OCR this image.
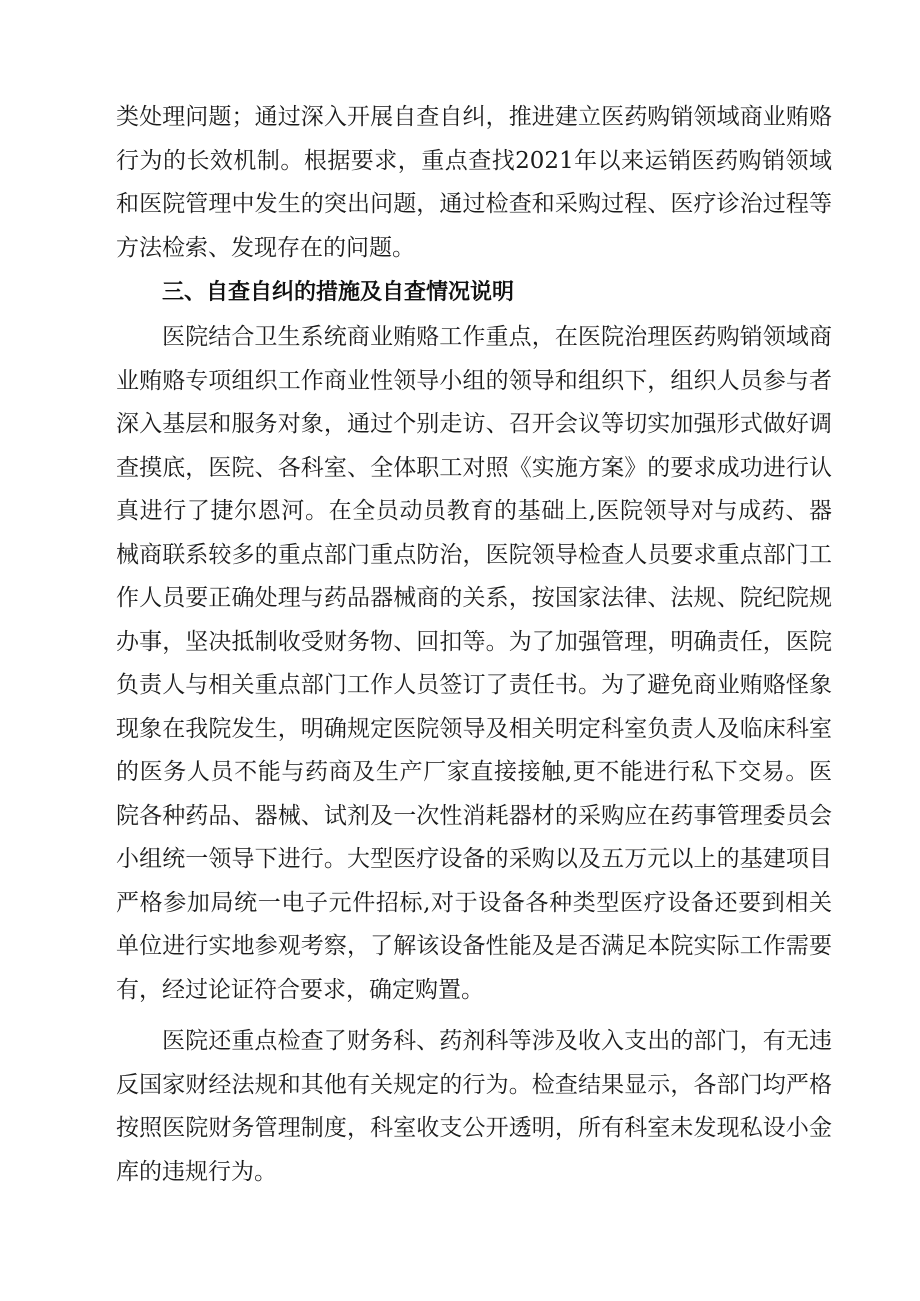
类处理问题；通过深入开展自查自纠，推进建立医药购销领域商业贿赂行为的长效机制。根据要求，重点查找2021年以来运销医药购销领域和医院管理中发生的突出问题，通过检查和采购过程、医疗诊治过程等方法检索、发现存在的问题。

三、自查自纠的措施及自查情况说明

医院结合卫生系统商业贿赂工作重点，在医院治理医药购销领域商业贿赂专项组织工作商业性领导小组的领导和组织下，组织人员参与者深入基层和服务对象，通过个别走访、召开会议等切实加强形式做好调查摸底，医院、各科室、全体职工对照《实施方案》的要求成功进行认真进行了捷尔恩河。在全员动员教育的基础上,医院领导对与成药、器械商联系较多的重点部门重点防治，医院领导检查人员要求重点部门工作人员要正确处理与药品器械商的关系，按国家法律、法规、院纪院规办事，坚决抵制收受财务物、回扣等。为了加强管理，明确责任，医院负责人与相关重点部门工作人员签订了责任书。为了避免商业贿赂怪象现象在我院发生，明确规定医院领导及相关明定科室负责人及临床科室的医务人员不能与药商及生产厂家直接接触,更不能进行私下交易。医院各种药品、器械、试剂及一次性消耗器材的采购应在药事管理委员会小组统一领导下进行。大型医疗设备的采购以及五万元以上的基建项目严格参加局统一电子元件招标,对于设备各种类型医疗设备还要到相关单位进行实地参观考察，了解该设备性能及是否满足本院实际工作需要有，经过论证符合要求，确定购置。

医院还重点检查了财务科、药剂科等涉及收入支出的部门，有无违反国家财经法规和其他有关规定的行为。检查结果显示，各部门均严格按照医院财务管理制度，科室收支公开透明，所有科室未发现私设小金库的违规行为。
